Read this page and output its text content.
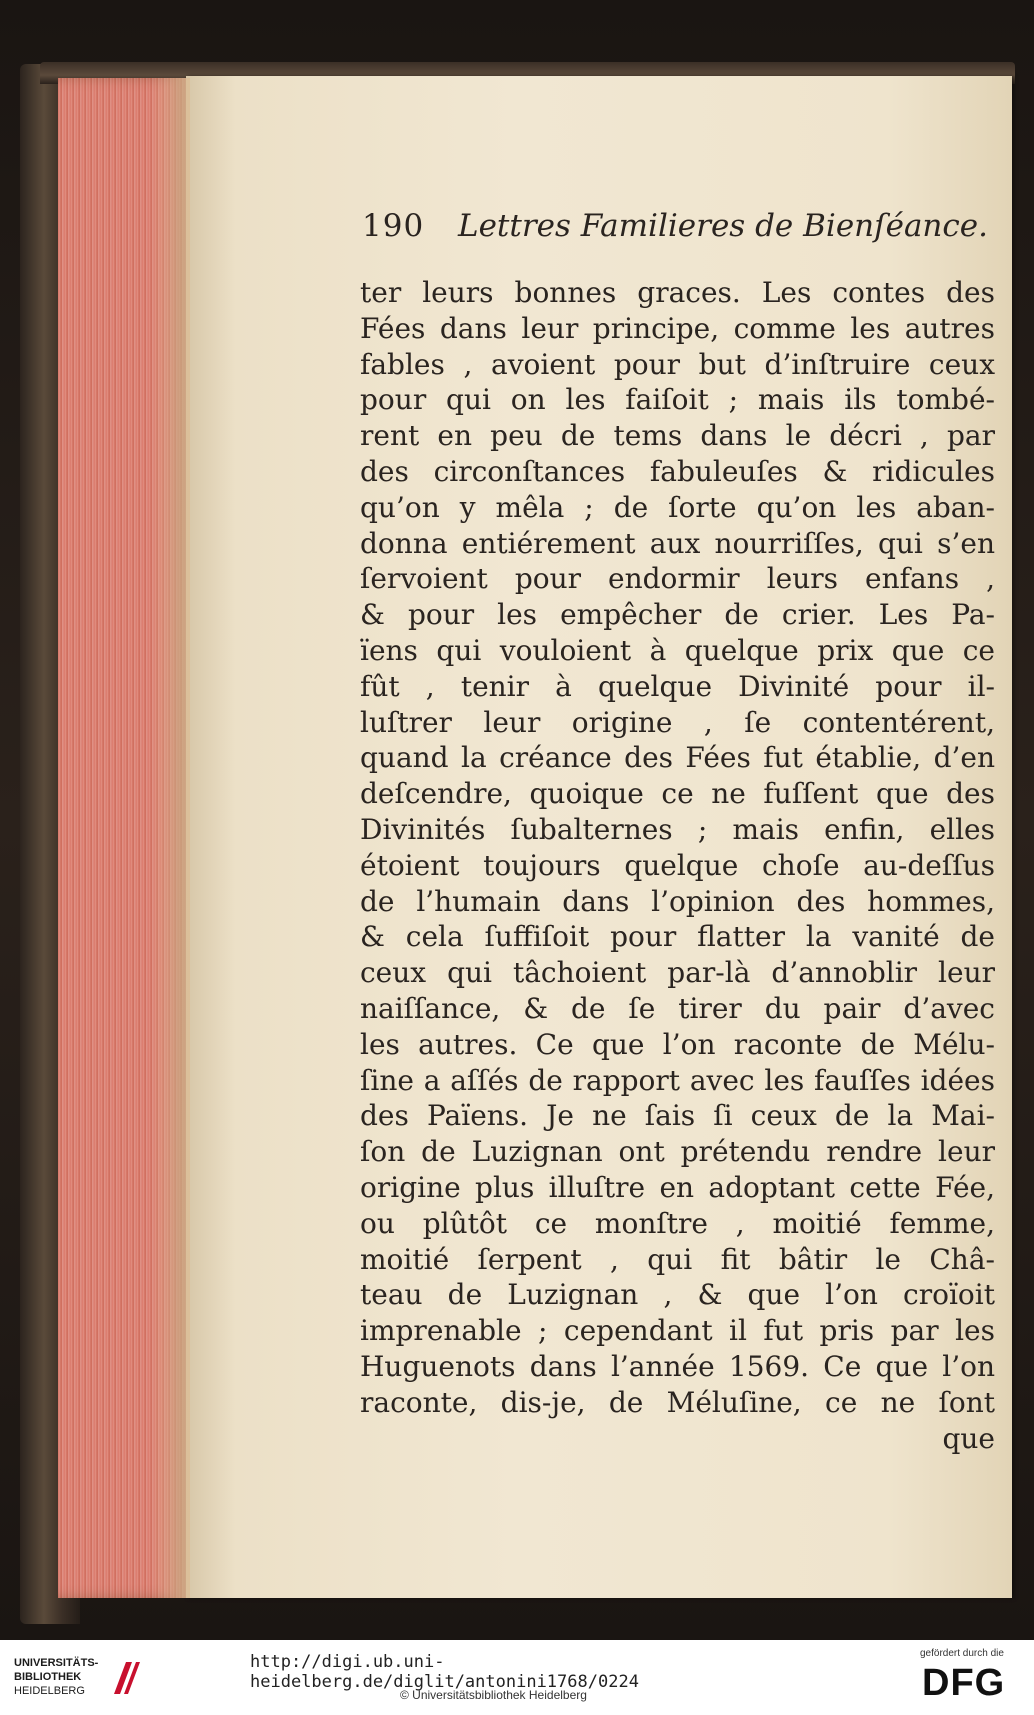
190	Lettres Familieres de Bienſéance.
ter leurs bonnes graces. Les contes des
Fées dans leur principe, comme les autres
fables , avoient pour but d’inſtruire ceux
pour qui on les faiſoit ; mais ils tombé-
rent en peu de tems dans le décri , par
des circonſtances fabuleuſes & ridicules
qu’on y mêla ; de ſorte qu’on les aban-
donna entiérement aux nourriſſes, qui s’en
ſervoient pour endormir leurs enfans ,
& pour les empêcher de crier. Les Pa-
ïens qui vouloient à quelque prix que ce
fût , tenir à quelque Divinité pour il-
luſtrer leur origine , ſe contentérent,
quand la créance des Fées fut établie, d’en
deſcendre, quoique ce ne fuſſent que des
Divinités ſubalternes ; mais enfin, elles
étoient toujours quelque choſe au-deſſus
de l’humain dans l’opinion des hommes,
& cela ſuffiſoit pour flatter la vanité de
ceux qui tâchoient par-là d’annoblir leur
naiſſance, & de ſe tirer du pair d’avec
les autres. Ce que l’on raconte de Mélu-
ſine a aſſés de rapport avec les fauſſes idées
des Païens. Je ne ſais ſi ceux de la Mai-
ſon de Luzignan ont prétendu rendre leur
origine plus illuſtre en adoptant cette Fée,
ou plûtôt ce monſtre , moitié femme,
moitié ſerpent , qui fit bâtir le Châ-
teau de Luzignan , & que l’on croïoit
imprenable ; cependant il fut pris par les
Huguenots dans l’année 1569. Ce que l’on
raconte, dis-je, de Méluſine, ce ne ſont
que
UNIVERSITÄTS-
BIBLIOTHEK
HEIDELBERG
http://digi.ub.uni-heidelberg.de/diglit/antonini1768/0224
© Universitätsbibliothek Heidelberg
gefördert durch die
DFG
